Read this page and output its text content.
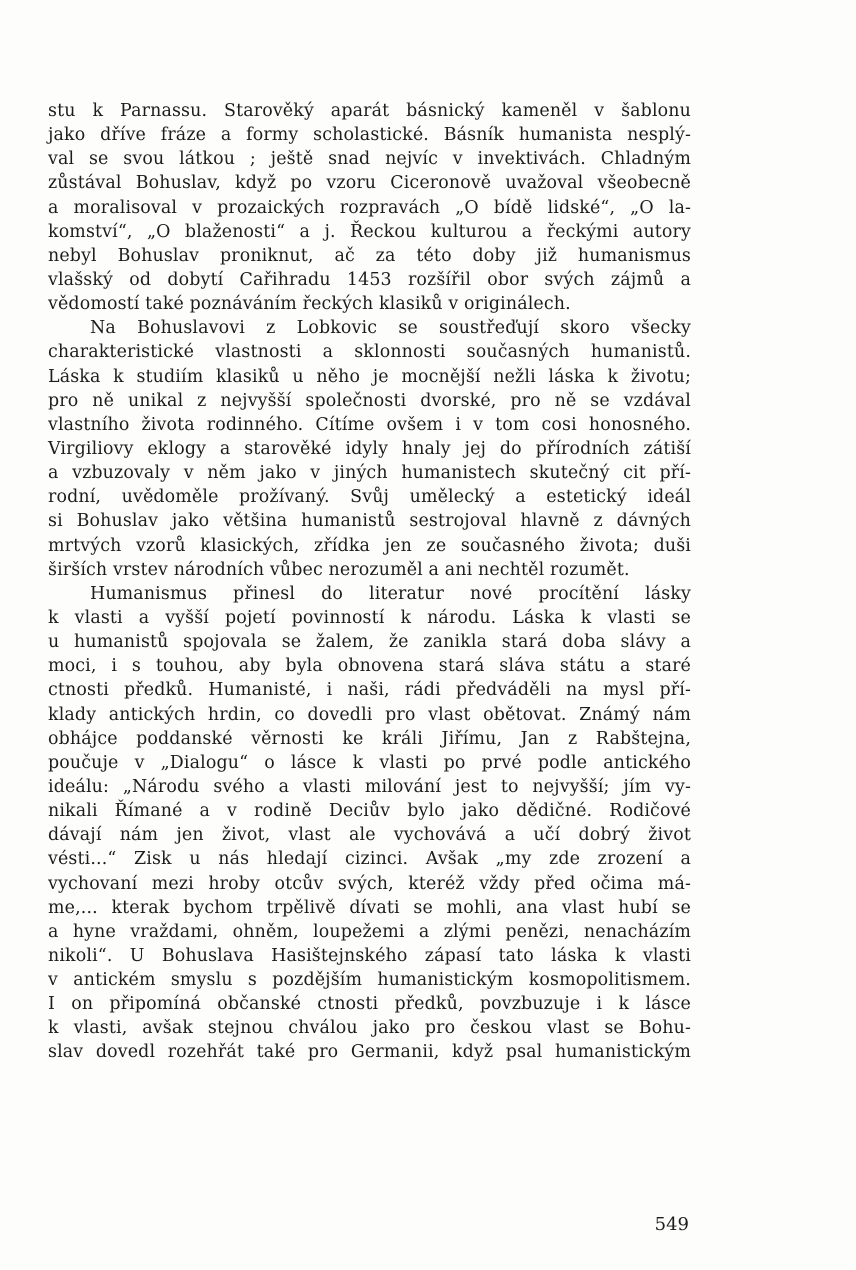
stu k Parnassu. Starověký aparát básnický kameněl v šablonu
jako dříve fráze a formy scholastické. Básník humanista nesplý-
val se svou látkou ; ještě snad nejvíc v invektivách. Chladným
zůstával Bohuslav, když po vzoru Ciceronově uvažoval všeobecně
a moralisoval v prozaických rozpravách „O bídě lidské“, „O la-
komství“, „O blaženosti“ a j. Řeckou kulturou a řeckými autory
nebyl Bohuslav proniknut, ač za této doby již humanismus
vlašský od dobytí Cařihradu 1453 rozšířil obor svých zájmů a
vědomostí také poznáváním řeckých klasiků v originálech.
Na Bohuslavovi z Lobkovic se soustřeďují skoro všecky
charakteristické vlastnosti a sklonnosti současných humanistů.
Láska k studiím klasiků u něho je mocnější nežli láska k životu;
pro ně unikal z nejvyšší společnosti dvorské, pro ně se vzdával
vlastního života rodinného. Cítíme ovšem i v tom cosi honosného.
Virgiliovy eklogy a starověké idyly hnaly jej do přírodních zátiší
a vzbuzovaly v něm jako v jiných humanistech skutečný cit pří-
rodní, uvědoměle prožívaný. Svůj umělecký a estetický ideál
si Bohuslav jako většina humanistů sestrojoval hlavně z dávných
mrtvých vzorů klasických, zřídka jen ze současného života; duši
širších vrstev národních vůbec nerozuměl a ani nechtěl rozumět.
Humanismus přinesl do literatur nové procítění lásky
k vlasti a vyšší pojetí povinností k národu. Láska k vlasti se
u humanistů spojovala se žalem, že zanikla stará doba slávy a
moci, i s touhou, aby byla obnovena stará sláva státu a staré
ctnosti předků. Humanisté, i naši, rádi předváděli na mysl pří-
klady antických hrdin, co dovedli pro vlast obětovat. Známý nám
obhájce poddanské věrnosti ke králi Jiřímu, Jan z Rabštejna,
poučuje v „Dialogu“ o lásce k vlasti po prvé podle antického
ideálu: „Národu svého a vlasti milování jest to nejvyšší; jím vy-
nikali Římané a v rodině Deciův bylo jako dědičné. Rodičové
dávají nám jen život, vlast ale vychovává a učí dobrý život
vésti...“ Zisk u nás hledají cizinci. Avšak „my zde zrození a
vychovaní mezi hroby otcův svých, kteréž vždy před očima má-
me,... kterak bychom trpělivě dívati se mohli, ana vlast hubí se
a hyne vraždami, ohněm, loupežemi a zlými penězi, nenacházím
nikoli“. U Bohuslava Hasištejnského zápasí tato láska k vlasti
v antickém smyslu s pozdějším humanistickým kosmopolitismem.
I on připomíná občanské ctnosti předků, povzbuzuje i k lásce
k vlasti, avšak stejnou chválou jako pro českou vlast se Bohu-
slav dovedl rozehřát také pro Germanii, když psal humanistickým
549
